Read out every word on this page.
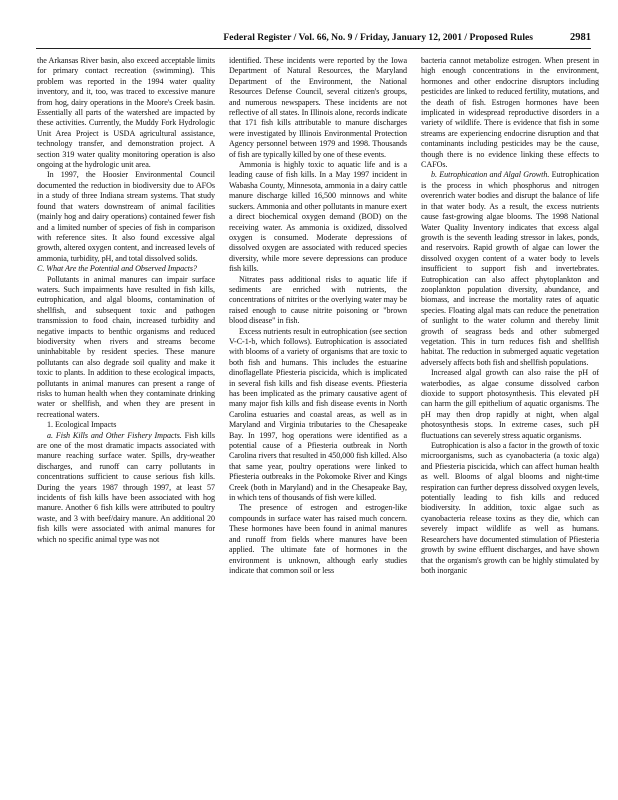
Federal Register / Vol. 66, No. 9 / Friday, January 12, 2001 / Proposed Rules	2981

the Arkansas River basin, also exceed acceptable limits for primary contact recreation (swimming). This problem was reported in the 1994 water quality inventory, and it, too, was traced to excessive manure from hog, dairy operations in the Moore's Creek basin. Essentially all parts of the watershed are impacted by these activities. Currently, the Muddy Fork Hydrologic Unit Area Project is USDA agricultural assistance, technology transfer, and demonstration project. A section 319 water quality monitoring operation is also ongoing at the hydrologic unit area.

In 1997, the Hoosier Environmental Council documented the reduction in biodiversity due to AFOs in a study of three Indiana stream systems. That study found that waters downstream of animal facilities (mainly hog and dairy operations) contained fewer fish and a limited number of species of fish in comparison with reference sites. It also found excessive algal growth, altered oxygen content, and increased levels of ammonia, turbidity, pH, and total dissolved solids.

C. What Are the Potential and Observed Impacts?

Pollutants in animal manures can impair surface waters. Such impairments have resulted in fish kills, eutrophication, and algal blooms, contamination of shellfish, and subsequent toxic and pathogen transmission to food chain, increased turbidity and negative impacts to benthic organisms and reduced biodiversity when rivers and streams become uninhabitable by resident species. These manure pollutants can also degrade soil quality and make it toxic to plants. In addition to these ecological impacts, pollutants in animal manures can present a range of risks to human health when they contaminate drinking water or shellfish, and when they are present in recreational waters.

1. Ecological Impacts

a. Fish Kills and Other Fishery Impacts. Fish kills are one of the most dramatic impacts associated with manure reaching surface water. Spills, dry-weather discharges, and runoff can carry pollutants in concentrations sufficient to cause serious fish kills. During the years 1987 through 1997, at least 57 incidents of fish kills have been associated with hog manure. Another 6 fish kills were attributed to poultry waste, and 3 with beef/dairy manure. An additional 20 fish kills were associated with animal manures for which no specific animal type was not

identified. These incidents were reported by the Iowa Department of Natural Resources, the Maryland Department of the Environment, the National Resources Defense Council, several citizen's groups, and numerous newspapers. These incidents are not reflective of all states. In Illinois alone, records indicate that 171 fish kills attributable to manure discharges were investigated by Illinois Environmental Protection Agency personnel between 1979 and 1998. Thousands of fish are typically killed by one of these events.

Ammonia is highly toxic to aquatic life and is a leading cause of fish kills. In a May 1997 incident in Wabasha County, Minnesota, ammonia in a dairy cattle manure discharge killed 16,500 minnows and white suckers. Ammonia and other pollutants in manure exert a direct biochemical oxygen demand (BOD) on the receiving water. As ammonia is oxidized, dissolved oxygen is consumed. Moderate depressions of dissolved oxygen are associated with reduced species diversity, while more severe depressions can produce fish kills.

Nitrates pass additional risks to aquatic life if sediments are enriched with nutrients, the concentrations of nitrites or the overlying water may be raised enough to cause nitrite poisoning or "brown blood disease" in fish.

Excess nutrients result in eutrophication (see section V-C-1-b, which follows). Eutrophication is associated with blooms of a variety of organisms that are toxic to both fish and humans. This includes the estuarine dinoflagellate Pfiesteria piscicida, which is implicated in several fish kills and fish disease events. Pfiesteria has been implicated as the primary causative agent of many major fish kills and fish disease events in North Carolina estuaries and coastal areas, as well as in Maryland and Virginia tributaries to the Chesapeake Bay. In 1997, hog operations were identified as a potential cause of a Pfiesteria outbreak in North Carolina rivers that resulted in 450,000 fish killed. Also that same year, poultry operations were linked to Pfiesteria outbreaks in the Pokomoke River and Kings Creek (both in Maryland) and in the Chesapeake Bay, in which tens of thousands of fish were killed.

The presence of estrogen and estrogen-like compounds in surface water has raised much concern. These hormones have been found in animal manures and runoff from fields where manures have been applied. The ultimate fate of hormones in the environment is unknown, although early studies indicate that common soil or less

bacteria cannot metabolize estrogen. When present in high enough concentrations in the environment, hormones and other endocrine disruptors including pesticides are linked to reduced fertility, mutations, and the death of fish. Estrogen hormones have been implicated in widespread reproductive disorders in a variety of wildlife. There is evidence that fish in some streams are experiencing endocrine disruption and that contaminants including pesticides may be the cause, though there is no evidence linking these effects to CAFOs.

b. Eutrophication and Algal Growth. Eutrophication is the process in which phosphorus and nitrogen overenrich water bodies and disrupt the balance of life in that water body. As a result, the excess nutrients cause fast-growing algae blooms. The 1998 National Water Quality Inventory indicates that excess algal growth is the seventh leading stressor in lakes, ponds, and reservoirs. Rapid growth of algae can lower the dissolved oxygen content of a water body to levels insufficient to support fish and invertebrates. Eutrophication can also affect phytoplankton and zooplankton population diversity, abundance, and biomass, and increase the mortality rates of aquatic species. Floating algal mats can reduce the penetration of sunlight to the water column and thereby limit growth of seagrass beds and other submerged vegetation. This in turn reduces fish and shellfish habitat. The reduction in submerged aquatic vegetation adversely affects both fish and shellfish populations.

Increased algal growth can also raise the pH of waterbodies, as algae consume dissolved carbon dioxide to support photosynthesis. This elevated pH can harm the gill epithelium of aquatic organisms. The pH may then drop rapidly at night, when algal photosynthesis stops. In extreme cases, such pH fluctuations can severely stress aquatic organisms.

Eutrophication is also a factor in the growth of toxic microorganisms, such as cyanobacteria (a toxic alga) and Pfiesteria piscicida, which can affect human health as well. Blooms of algal blooms and night-time respiration can further depress dissolved oxygen levels, potentially leading to fish kills and reduced biodiversity. In addition, toxic algae such as cyanobacteria release toxins as they die, which can severely impact wildlife as well as humans. Researchers have documented stimulation of Pfiesteria growth by swine effluent discharges, and have shown that the organism's growth can be highly stimulated by both inorganic
